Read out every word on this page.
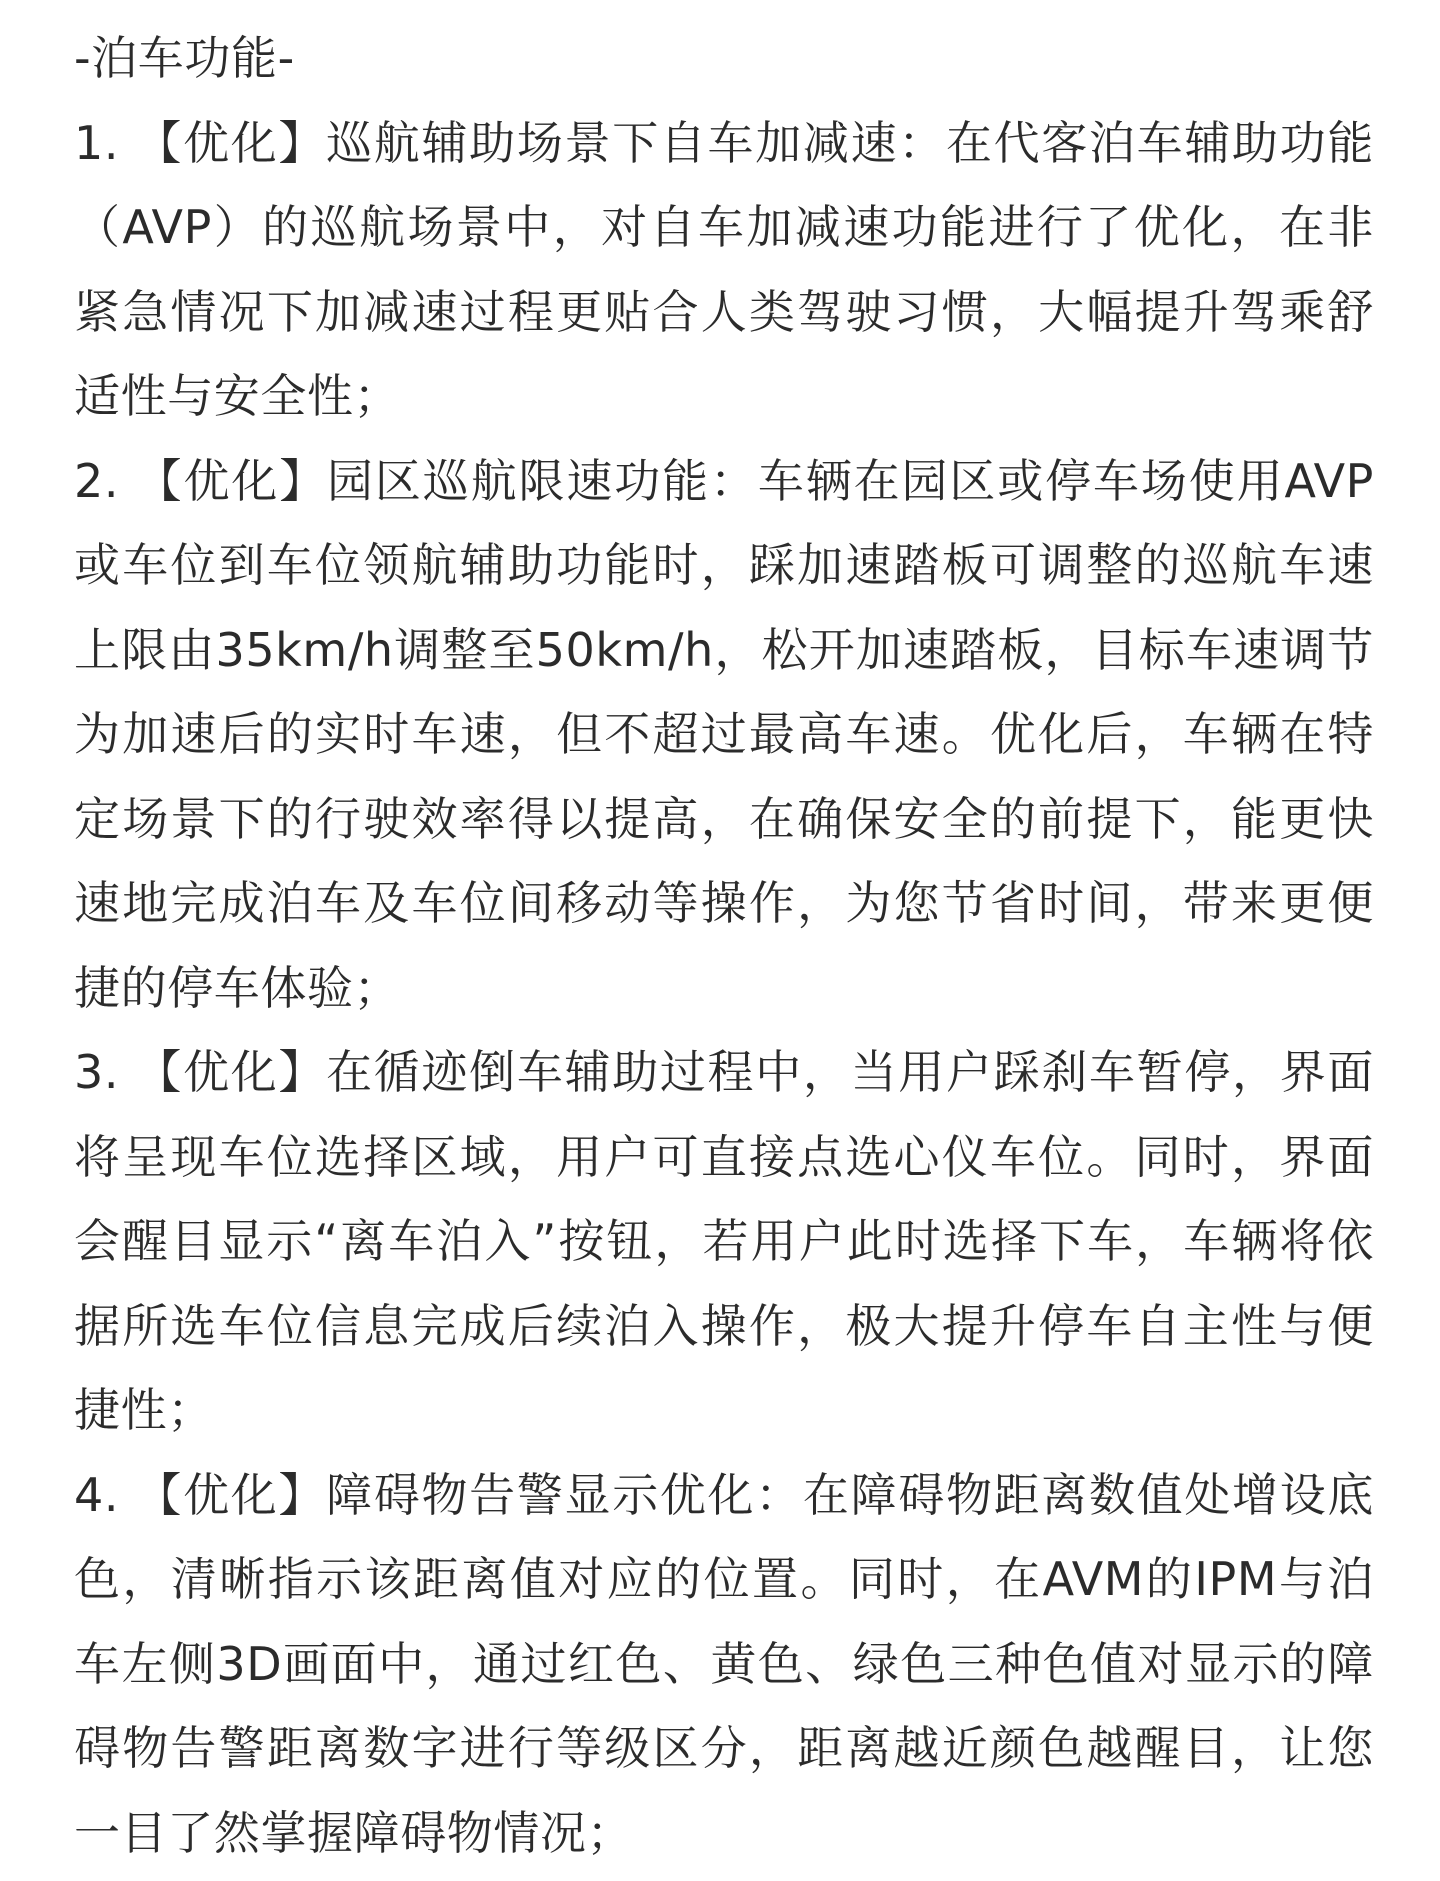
-泊车功能-

1. 【优化】巡航辅助场景下自车加减速：在代客泊车辅助功能（AVP）的巡航场景中，对自车加减速功能进行了优化，在非紧急情况下加减速过程更贴合人类驾驶习惯，大幅提升驾乘舒适性与安全性；

2. 【优化】园区巡航限速功能：车辆在园区或停车场使用AVP或车位到车位领航辅助功能时，踩加速踏板可调整的巡航车速上限由35km/h调整至50km/h，松开加速踏板，目标车速调节为加速后的实时车速，但不超过最高车速。优化后，车辆在特定场景下的行驶效率得以提高，在确保安全的前提下，能更快速地完成泊车及车位间移动等操作，为您节省时间，带来更便捷的停车体验；

3. 【优化】在循迹倒车辅助过程中，当用户踩刹车暂停，界面将呈现车位选择区域，用户可直接点选心仪车位。同时，界面会醒目显示“离车泊入”按钮，若用户此时选择下车，车辆将依据所选车位信息完成后续泊入操作，极大提升停车自主性与便捷性；

4. 【优化】障碍物告警显示优化：在障碍物距离数值处增设底色，清晰指示该距离值对应的位置。同时，在AVM的IPM与泊车左侧3D画面中，通过红色、黄色、绿色三种色值对显示的障碍物告警距离数字进行等级区分，距离越近颜色越醒目，让您一目了然掌握障碍物情况；
